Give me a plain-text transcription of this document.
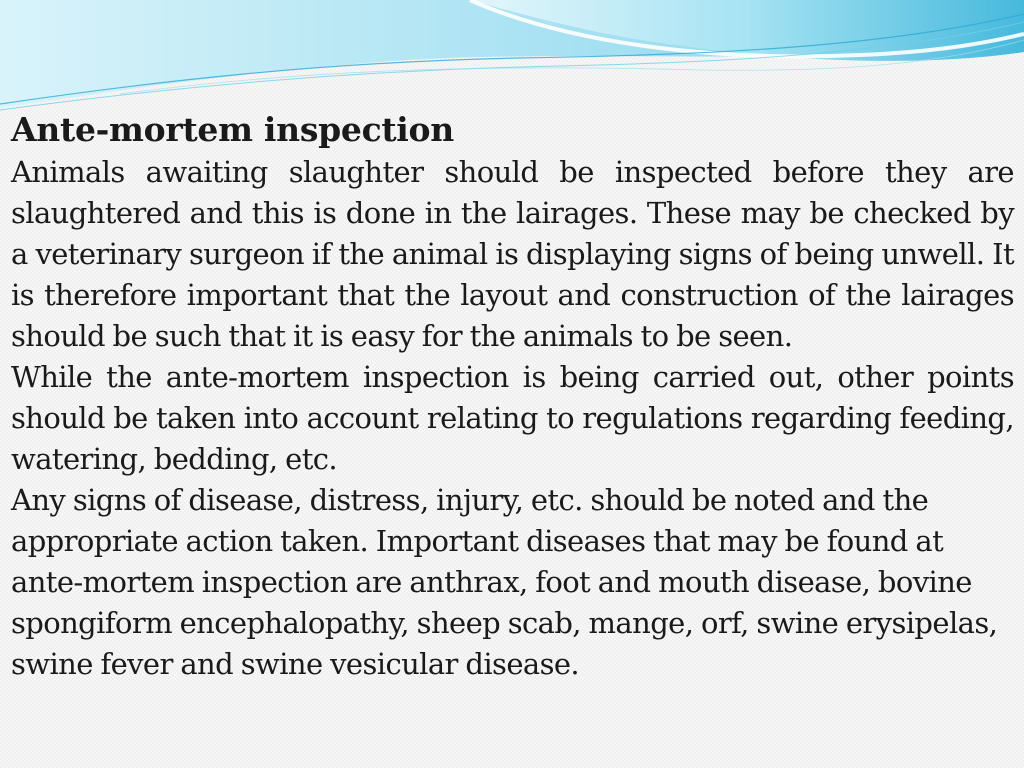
Ante-mortem inspection

Animals awaiting slaughter should be inspected before they are slaughtered and this is done in the lairages. These may be checked by a veterinary surgeon if the animal is displaying signs of being unwell. It is therefore important that the layout and construction of the lairages should be such that it is easy for the animals to be seen.

While the ante-mortem inspection is being carried out, other points should be taken into account relating to regulations regarding feeding, watering, bedding, etc.

Any signs of disease, distress, injury, etc. should be noted and the appropriate action taken. Important diseases that may be found at ante-mortem inspection are anthrax, foot and mouth disease, bovine spongiform encephalopathy, sheep scab, mange, orf, swine erysipelas, swine fever and swine vesicular disease.
